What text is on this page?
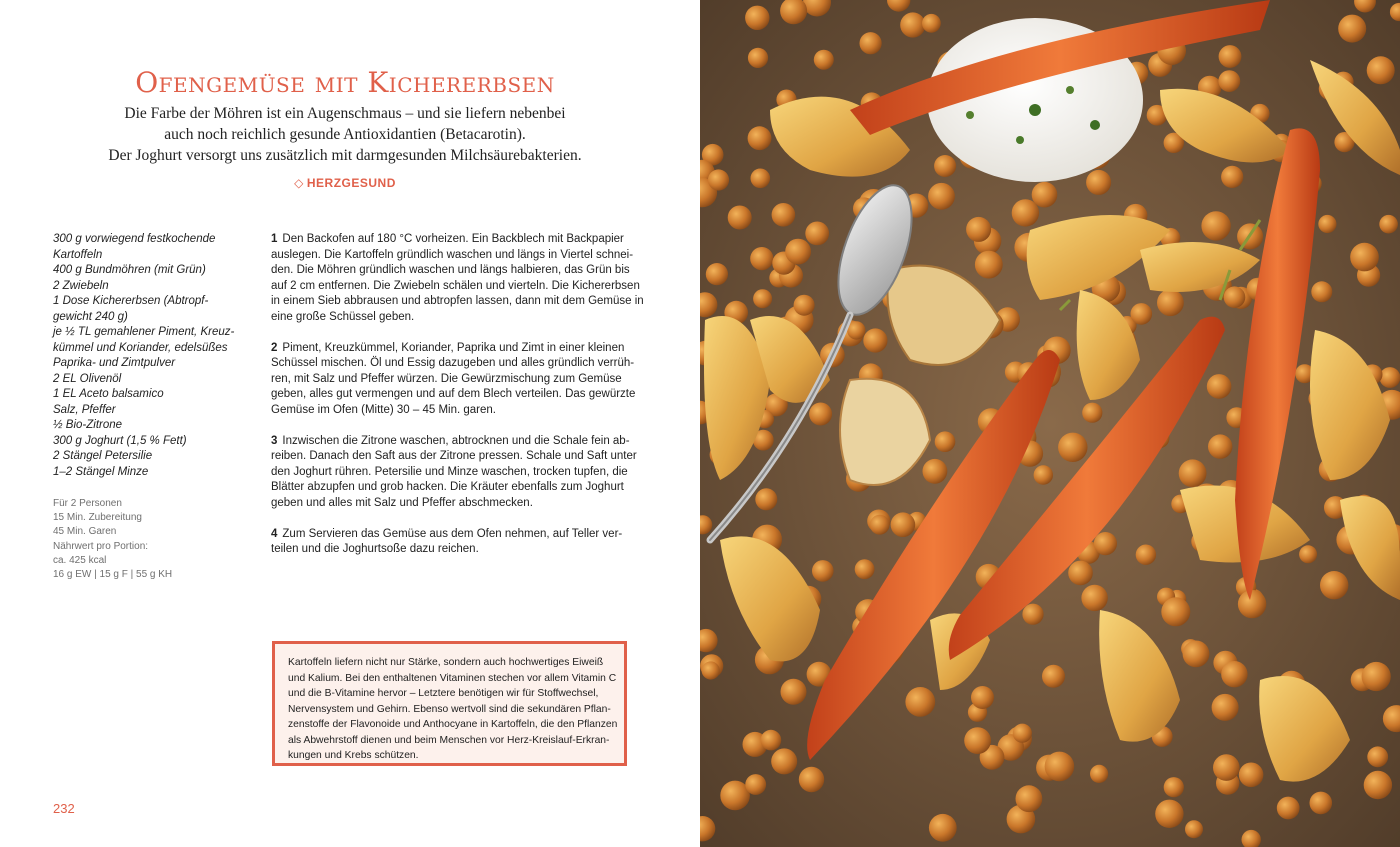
Ofengemüse mit Kichererbsen
Die Farbe der Möhren ist ein Augenschmaus – und sie liefern nebenbei
auch noch reichlich gesunde Antioxidantien (Betacarotin).
Der Joghurt versorgt uns zusätzlich mit darmgesunden Milchsäurebakterien.
◇ HERZGESUND
300 g vorwiegend festkochende
Kartoffeln
400 g Bundmöhren (mit Grün)
2 Zwiebeln
1 Dose Kichererbsen (Abtropf-
gewicht 240 g)
je ½ TL gemahlener Piment, Kreuz-
kümmel und Koriander, edelsüßes
Paprika- und Zimtpulver
2 EL Olivenöl
1 EL Aceto balsamico
Salz, Pfeffer
½ Bio-Zitrone
300 g Joghurt (1,5 % Fett)
2 Stängel Petersilie
1–2 Stängel Minze
Für 2 Personen
15 Min. Zubereitung
45 Min. Garen
Nährwert pro Portion:
ca. 425 kcal
16 g EW | 15 g F | 55 g KH
1 Den Backofen auf 180 °C vorheizen. Ein Backblech mit Backpapier
auslegen. Die Kartoffeln gründlich waschen und längs in Viertel schnei-
den. Die Möhren gründlich waschen und längs halbieren, das Grün bis
auf 2 cm entfernen. Die Zwiebeln schälen und vierteln. Die Kichererbsen
in einem Sieb abbrausen und abtropfen lassen, dann mit dem Gemüse in
eine große Schüssel geben.
2 Piment, Kreuzkümmel, Koriander, Paprika und Zimt in einer kleinen
Schüssel mischen. Öl und Essig dazugeben und alles gründlich verrüh-
ren, mit Salz und Pfeffer würzen. Die Gewürzmischung zum Gemüse
geben, alles gut vermengen und auf dem Blech verteilen. Das gewürzte
Gemüse im Ofen (Mitte) 30 – 45 Min. garen.
3 Inzwischen die Zitrone waschen, abtrocknen und die Schale fein ab-
reiben. Danach den Saft aus der Zitrone pressen. Schale und Saft unter
den Joghurt rühren. Petersilie und Minze waschen, trocken tupfen, die
Blätter abzupfen und grob hacken. Die Kräuter ebenfalls zum Joghurt
geben und alles mit Salz und Pfeffer abschmecken.
4 Zum Servieren das Gemüse aus dem Ofen nehmen, auf Teller ver-
teilen und die Joghurtsoße dazu reichen.
Kartoffeln liefern nicht nur Stärke, sondern auch hochwertiges Eiweiß
und Kalium. Bei den enthaltenen Vitaminen stechen vor allem Vitamin C
und die B-Vitamine hervor – Letztere benötigen wir für Stoffwechsel,
Nervensystem und Gehirn. Ebenso wertvoll sind die sekundären Pflan-
zenstoffe der Flavonoide und Anthocyane in Kartoffeln, die den Pflanzen
als Abwehrstoff dienen und beim Menschen vor Herz-Kreislauf-Erkran-
kungen und Krebs schützen.
232
